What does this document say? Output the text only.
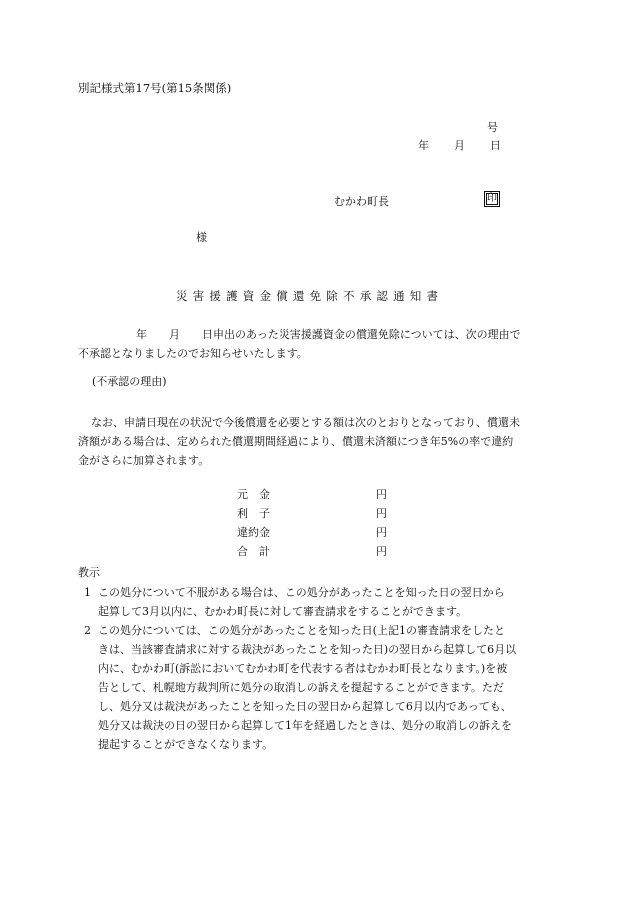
別記様式第17号(第15条関係)
号
年 月 日
むかわ町長	印
様
災害援護資金償還免除不承認通知書
年　　月　　日申出のあった災害援護資金の償還免除については、次の理由で
不承認となりましたのでお知らせいたします。
(不承認の理由)
なお、申請日現在の状況で今後償還を必要とする額は次のとおりとなっており、償還未
済額がある場合は、定められた償還期間経過により、償還未済額につき年5%の率で違約
金がさらに加算されます。
元　金	円
利　子	円
違約金	円
合　計	円
教示
1 この処分について不服がある場合は、この処分があったことを知った日の翌日から
起算して3月以内に、むかわ町長に対して審査請求をすることができます。
2 この処分については、この処分があったことを知った日(上記1の審査請求をしたと
きは、当該審査請求に対する裁決があったことを知った日)の翌日から起算して6月以
内に、むかわ町(訴訟においてむかわ町を代表する者はむかわ町長となります。)を被
告として、札幌地方裁判所に処分の取消しの訴えを提起することができます。ただ
し、処分又は裁決があったことを知った日の翌日から起算して6月以内であっても、
処分又は裁決の日の翌日から起算して1年を経過したときは、処分の取消しの訴えを
提起することができなくなります。
